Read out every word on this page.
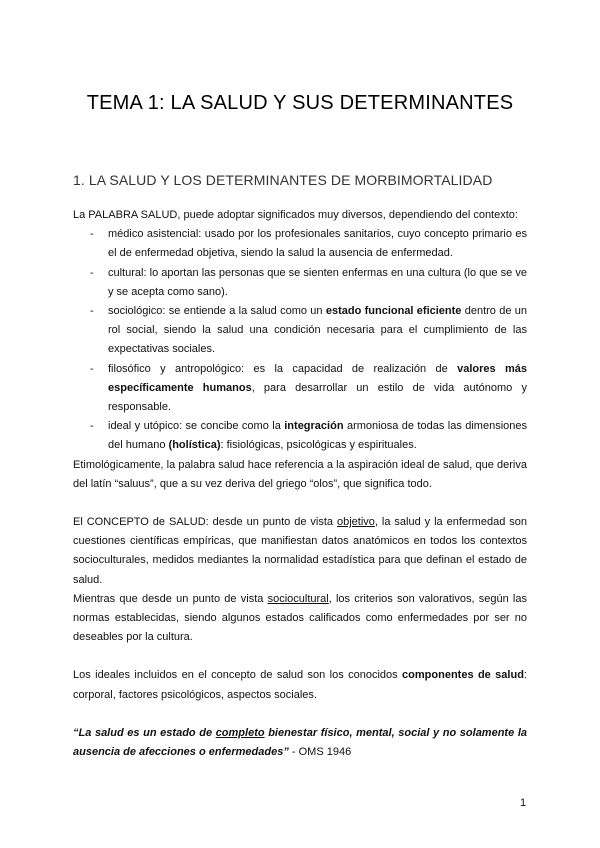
TEMA 1: LA SALUD Y SUS DETERMINANTES
1. LA SALUD Y LOS DETERMINANTES DE MORBIMORTALIDAD

La PALABRA SALUD, puede adoptar significados muy diversos, dependiendo del contexto:

- médico asistencial: usado por los profesionales sanitarios, cuyo concepto primario es el de enfermedad objetiva, siendo la salud la ausencia de enfermedad.
- cultural: lo aportan las personas que se sienten enfermas en una cultura (lo que se ve y se acepta como sano).
- sociológico: se entiende a la salud como un estado funcional eficiente dentro de un rol social, siendo la salud una condición necesaria para el cumplimiento de las expectativas sociales.
- filosófico y antropológico: es la capacidad de realización de valores más específicamente humanos, para desarrollar un estilo de vida autónomo y responsable.
- ideal y utópico: se concibe como la integración armoniosa de todas las dimensiones del humano (holística): fisiológicas, psicológicas y espirituales.

Etimológicamente, la palabra salud hace referencia a la aspiración ideal de salud, que deriva del latín “saluus”, que a su vez deriva del griego “olos”, que significa todo.

El CONCEPTO de SALUD: desde un punto de vista objetivo, la salud y la enfermedad son cuestiones científicas empíricas, que manifiestan datos anatómicos en todos los contextos socioculturales, medidos mediantes la normalidad estadística para que definan el estado de salud.

Mientras que desde un punto de vista sociocultural, los criterios son valorativos, según las normas establecidas, siendo algunos estados calificados como enfermedades por ser no deseables por la cultura.

Los ideales incluidos en el concepto de salud son los conocidos componentes de salud: corporal, factores psicológicos, aspectos sociales.

“La salud es un estado de completo bienestar físico, mental, social y no solamente la ausencia de afecciones o enfermedades” - OMS 1946

1
